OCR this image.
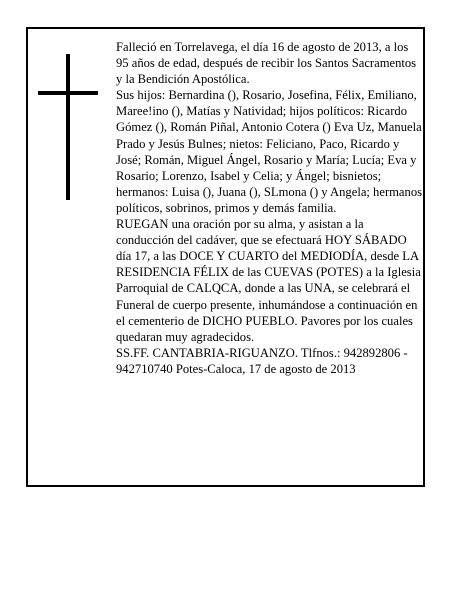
Falleció en Torrelavega, el día 16 de agosto de 2013, a los 95 años de edad, después de recibir los Santos Sacramentos y la Bendición Apostólica.

Sus hijos: Bernardina (), Rosario, Josefina, Félix, Emiliano, Maree!ino (), Matías y Natividad; hijos políticos: Ricardo Gómez (), Román Piñal, Antonio Cotera () Eva Uz, Manuela Prado y Jesús Bulnes; nietos: Feliciano, Paco, Ricardo y José; Román, Miguel Ángel, Rosario y María; Lucía; Eva y Rosario; Lorenzo, Isabel y Celia; y Ángel; bisnietos; hermanos: Luisa (), Juana (), SLmona () y Angela; hermanos políticos, sobrinos, primos y demás familia.

RUEGAN una oración por su alma, y asistan a la conducción del cadáver, que se efectuará HOY SÁBADO día 17, a las DOCE Y CUARTO del MEDIODÍA, desde LA RESIDENCIA FÉLIX de las CUEVAS (POTES) a la Iglesia Parroquial de CALQCA, donde a las UNA, se celebrará el Funeral de cuerpo presente, inhumándose a continuación en el cementerio de DICHO PUEBLO. Pavores por los cuales quedaran muy agradecidos.

SS.FF. CANTABRIA-RIGUANZO. Tlfnos.: 942892806 - 942710740 Potes-Caloca, 17 de agosto de 2013
